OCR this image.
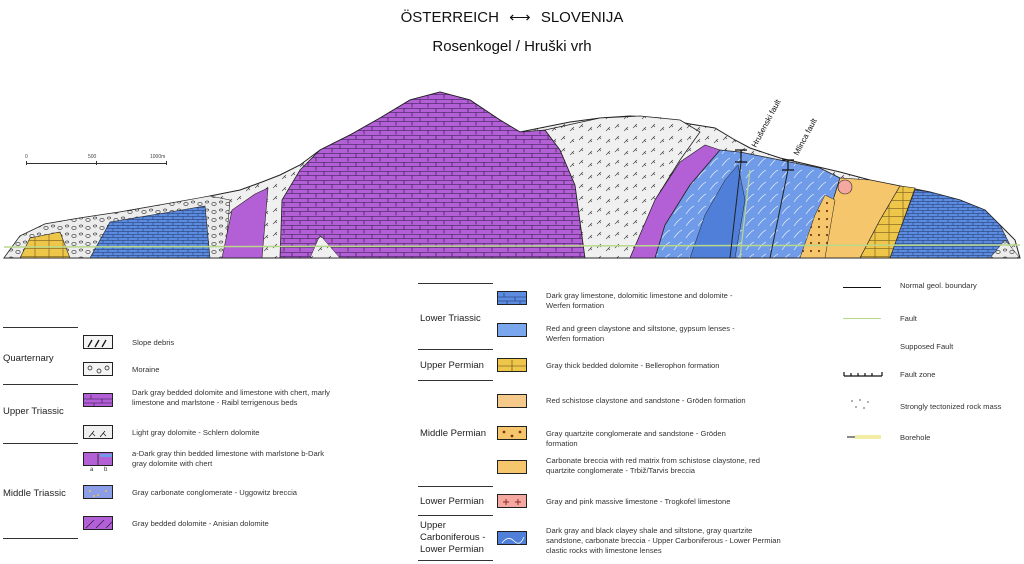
ÖSTERREICH ⟷ SLOVENIJA
Rosenkogel / Hruški vrh
0	500	1000m
Hrušenski fault Mlinca fault
Quarternary
Upper Triassic
Middle Triassic
Slope debris
Moraine
Dark gray bedded dolomite and limestone with chert, marly limestone and marlstone - Raibl terrigenous beds
Light gray dolomite - Schlern dolomite
a b
a-Dark gray thin bedded limestone with marlstone b-Dark gray dolomite with chert
Gray carbonate conglomerate - Uggowitz breccia
Gray bedded dolomite - Anisian dolomite
Lower Triassic
Upper Permian
Middle Permian
Lower Permian
Upper
Carboniferous -
Lower Permian
Dark gray limestone, dolomitic limestone and dolomite - Werfen formation
Red and green claystone and siltstone, gypsum lenses - Werfen formation
Gray thick bedded dolomite - Bellerophon formation
Red schistose claystone and sandstone - Gröden formation
Gray quartzite conglomerate and sandstone - Gröden formation
Carbonate breccia with red matrix from schistose claystone, red quartzite conglomerate - Trbiž/Tarvis breccia
Gray and pink massive limestone - Trogkofel limestone
Dark gray and black clayey shale and siltstone, gray quartzite sandstone, carbonate breccia - Upper Carboniferous - Lower Permian clastic rocks with limestone lenses
Normal geol. boundary
Fault
Supposed Fault
Fault zone
Strongly tectonized rock mass
Borehole
